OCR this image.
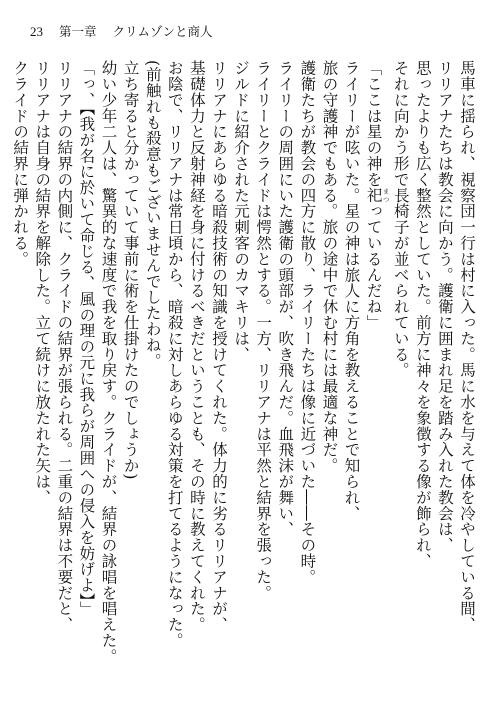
23 第一章 クリムゾンと商人

馬車に揺られ、視察団一行は村に入った。馬に水を与えて体を冷やしている間、リリアナたちは教会に向かう。護衛に囲まれ足を踏み入れた教会は、思ったよりも広く整然としていた。前方に神々を象徴する像が飾られ、それに向かう形で長椅子が並べられている。

「ここは星の神を祀 まつっているんだね」

ライリーが呟いた。星の神は旅人に方角を教えることで知られ、旅の守護神でもある。旅の途中で休む村には最適な神だ。護衛たちが教会の四方に散り、ライリーたちは像に近づいた――その時。

ライリーの周囲にいた護衛の頭部が、吹き飛んだ。血飛沫が舞い、ライリーとクライドは愕然とする。一方、リリアナは平然と結界を張った。ジルドに紹介された元刺客のカマキリは、リリアナにあらゆる暗殺技術の知識を授けてくれた。体力的に劣るリリアナが、基礎体力と反射神経を身に付けるべきだということも、その時に教えてくれた。お陰で、リリアナは常日頃から、暗殺に対しあらゆる対策を打てるようになった。

(前触れも殺意もございませんでしたわね。立ち寄ると分かっていて事前に術を仕掛けたのでしょうか)

幼い少年二人は、驚異的な速度で我を取り戻す。クライドが、結界の詠唱を唱えた。

「っ、【我が名に於いて命じる、風の理の元に我らが周囲への侵入を妨げよ】」

リリアナの結界の内側に、クライドの結界が張られる。二重の結界は不要だと、リリアナは自身の結界を解除した。立て続けに放たれた矢は、クライドの結界に弾かれる。
